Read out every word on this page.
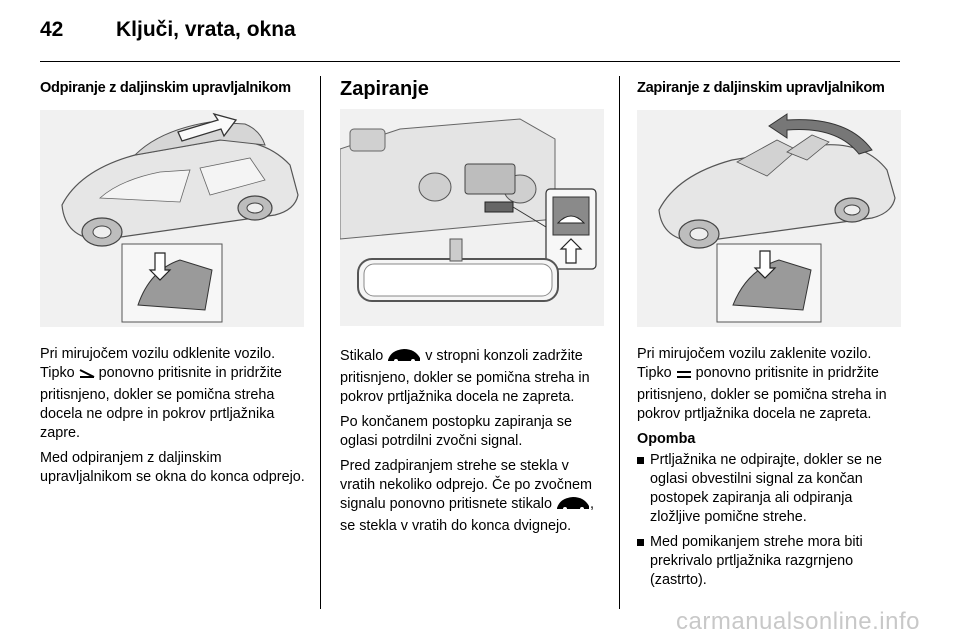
42	Ključi, vrata, okna
Odpiranje z daljinskim upravljalnikom

Pri mirujočem vozilu odklenite vozilo. Tipko  ponovno pritisnite in pridržite pritisnjeno, dokler se pomična streha docela ne odpre in pokrov prtljažnika zapre.

Med odpiranjem z daljinskim upravljalnikom se okna do konca odprejo.

Zapiranje

Stikalo  v stropni konzoli zadržite pritisnjeno, dokler se pomična streha in pokrov prtljažnika docela ne zapreta.

Po končanem postopku zapiranja se oglasi potrdilni zvočni signal.

Pred zadpiranjem strehe se stekla v vratih nekoliko odprejo. Če po zvočnem signalu ponovno pritisnete stikalo , se stekla v vratih do konca dvignejo.

Zapiranje z daljinskim upravljalnikom

Pri mirujočem vozilu zaklenite vozilo. Tipko  ponovno pritisnite in pridržite pritisnjeno, dokler se pomična streha in pokrov prtljažnika docela ne zapreta.

Opomba
Prtljažnika ne odpirajte, dokler se ne oglasi obvestilni signal za končan postopek zapiranja ali odpiranja zložljive pomične strehe.
Med pomikanjem strehe mora biti prekrivalo prtljažnika razgrnjeno (zastrto).
carmanualsonline.info
